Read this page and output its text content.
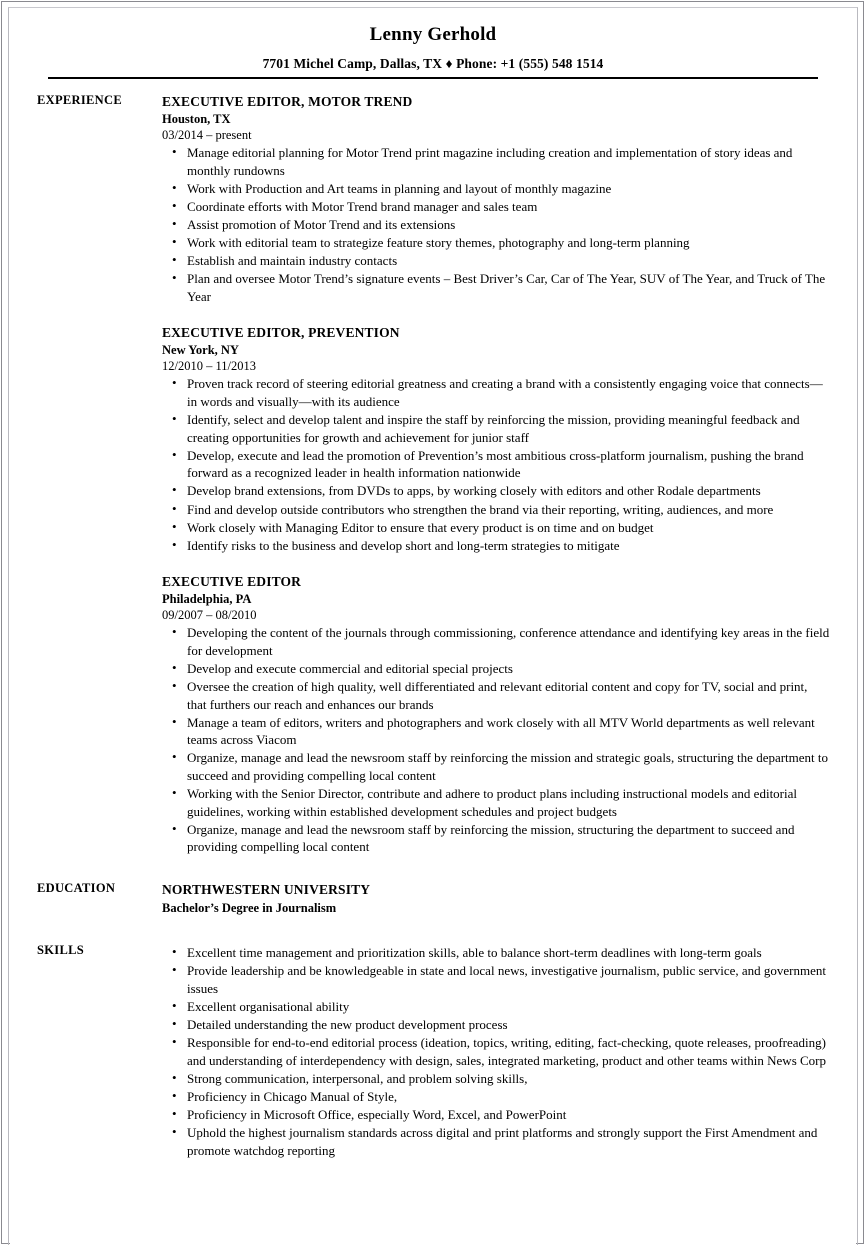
Lenny Gerhold
7701 Michel Camp, Dallas, TX ♦ Phone: +1 (555) 548 1514
EXPERIENCE	EXECUTIVE EDITOR, MOTOR TREND
Houston, TX
03/2014 – present
• Manage editorial planning for Motor Trend print magazine including creation and implementation of story ideas and monthly rundowns
• Work with Production and Art teams in planning and layout of monthly magazine
• Coordinate efforts with Motor Trend brand manager and sales team
• Assist promotion of Motor Trend and its extensions
• Work with editorial team to strategize feature story themes, photography and long-term planning
• Establish and maintain industry contacts
• Plan and oversee Motor Trend’s signature events – Best Driver’s Car, Car of The Year, SUV of The Year, and Truck of The Year
EXECUTIVE EDITOR, PREVENTION
New York, NY
12/2010 – 11/2013
• Proven track record of steering editorial greatness and creating a brand with a consistently engaging voice that connects—in words and visually—with its audience
• Identify, select and develop talent and inspire the staff by reinforcing the mission, providing meaningful feedback and creating opportunities for growth and achievement for junior staff
• Develop, execute and lead the promotion of Prevention’s most ambitious cross-platform journalism, pushing the brand forward as a recognized leader in health information nationwide
• Develop brand extensions, from DVDs to apps, by working closely with editors and other Rodale departments
• Find and develop outside contributors who strengthen the brand via their reporting, writing, audiences, and more
• Work closely with Managing Editor to ensure that every product is on time and on budget
• Identify risks to the business and develop short and long-term strategies to mitigate
EXECUTIVE EDITOR
Philadelphia, PA
09/2007 – 08/2010
• Developing the content of the journals through commissioning, conference attendance and identifying key areas in the field for development
• Develop and execute commercial and editorial special projects
• Oversee the creation of high quality, well differentiated and relevant editorial content and copy for TV, social and print, that furthers our reach and enhances our brands
• Manage a team of editors, writers and photographers and work closely with all MTV World departments as well relevant teams across Viacom
• Organize, manage and lead the newsroom staff by reinforcing the mission and strategic goals, structuring the department to succeed and providing compelling local content
• Working with the Senior Director, contribute and adhere to product plans including instructional models and editorial guidelines, working within established development schedules and project budgets
• Organize, manage and lead the newsroom staff by reinforcing the mission, structuring the department to succeed and providing compelling local content
EDUCATION	NORTHWESTERN UNIVERSITY
Bachelor’s Degree in Journalism
SKILLS	• Excellent time management and prioritization skills, able to balance short-term deadlines with long-term goals
• Provide leadership and be knowledgeable in state and local news, investigative journalism, public service, and government issues
• Excellent organisational ability
• Detailed understanding the new product development process
• Responsible for end-to-end editorial process (ideation, topics, writing, editing, fact-checking, quote releases, proofreading) and understanding of interdependency with design, sales, integrated marketing, product and other teams within News Corp
• Strong communication, interpersonal, and problem solving skills,
• Proficiency in Chicago Manual of Style,
• Proficiency in Microsoft Office, especially Word, Excel, and PowerPoint
• Uphold the highest journalism standards across digital and print platforms and strongly support the First Amendment and promote watchdog reporting
